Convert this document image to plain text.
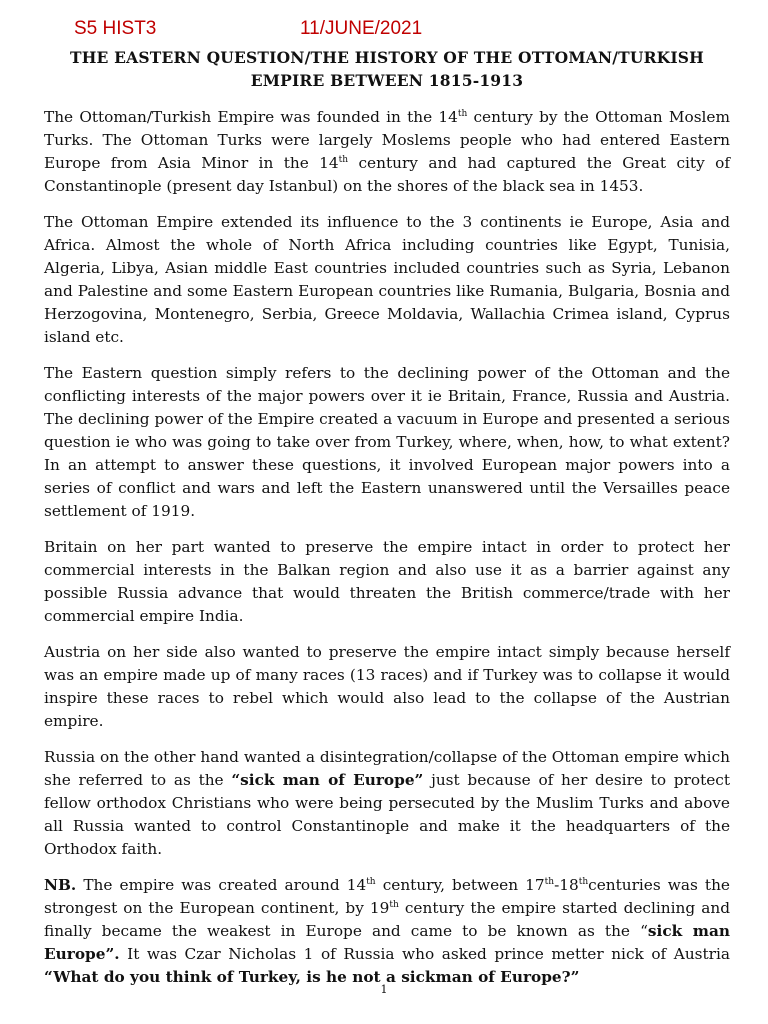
S5 HIST3	11/JUNE/2021
THE EASTERN QUESTION/THE HISTORY OF THE OTTOMAN/TURKISH EMPIRE BETWEEN 1815-1913

The Ottoman/Turkish Empire was founded in the 14th century by the Ottoman Moslem Turks. The Ottoman Turks were largely Moslems people who had entered Eastern Europe from Asia Minor in the 14th century and had captured the Great city of Constantinople (present day Istanbul) on the shores of the black sea in 1453.

The Ottoman Empire extended its influence to the 3 continents ie Europe, Asia and Africa. Almost the whole of North Africa including countries like Egypt, Tunisia, Algeria, Libya, Asian middle East countries included countries such as Syria, Lebanon and Palestine and some Eastern European countries like Rumania, Bulgaria, Bosnia and Herzogovina, Montenegro, Serbia, Greece Moldavia, Wallachia Crimea island, Cyprus island etc.

The Eastern question simply refers to the declining power of the Ottoman and the conflicting interests of the major powers over it ie Britain, France, Russia and Austria. The declining power of the Empire created a vacuum in Europe and presented a serious question ie who was going to take over from Turkey, where, when, how, to what extent? In an attempt to answer these questions, it involved European major powers into a series of conflict and wars and left the Eastern unanswered until the Versailles peace settlement of 1919.

Britain on her part wanted to preserve the empire intact in order to protect her commercial interests in the Balkan region and also use it as a barrier against any possible Russia advance that would threaten the British commerce/trade with her commercial empire India.

Austria on her side also wanted to preserve the empire intact simply because herself was an empire made up of many races (13 races) and if Turkey was to collapse it would inspire these races to rebel which would also lead to the collapse of the Austrian empire.

Russia on the other hand wanted a disintegration/collapse of the Ottoman empire which she referred to as the “sick man of Europe” just because of her desire to protect fellow orthodox Christians who were being persecuted by the Muslim Turks and above all Russia wanted to control Constantinople and make it the headquarters of the Orthodox faith.

NB. The empire was created around 14th century, between 17th-18thcenturies was the strongest on the European continent, by 19th century the empire started declining and finally became the weakest in Europe and came to be known as the “sick man Europe”. It was Czar Nicholas 1 of Russia who asked prince metter nick of Austria “What do you think of Turkey, is he not a sickman of Europe?”

1
